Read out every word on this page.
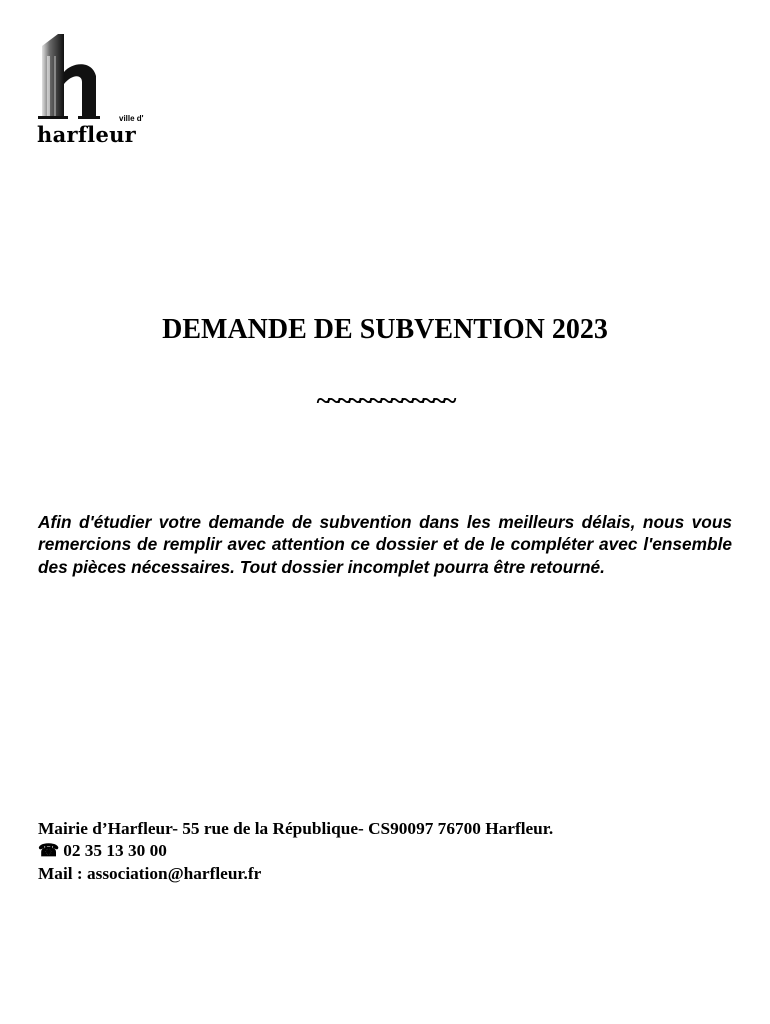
ville d'
harfleur
DEMANDE DE SUBVENTION 2023
~~~~~~~~~~~~~

Afin d'étudier votre demande de subvention dans les meilleurs délais, nous vous remercions de remplir avec attention ce dossier et de le compléter avec l'ensemble des pièces nécessaires. Tout dossier incomplet pourra être retourné.

Mairie d’Harfleur- 55 rue de la République- CS90097 76700 Harfleur.
☎ 02 35 13 30 00
Mail : association@harfleur.fr
